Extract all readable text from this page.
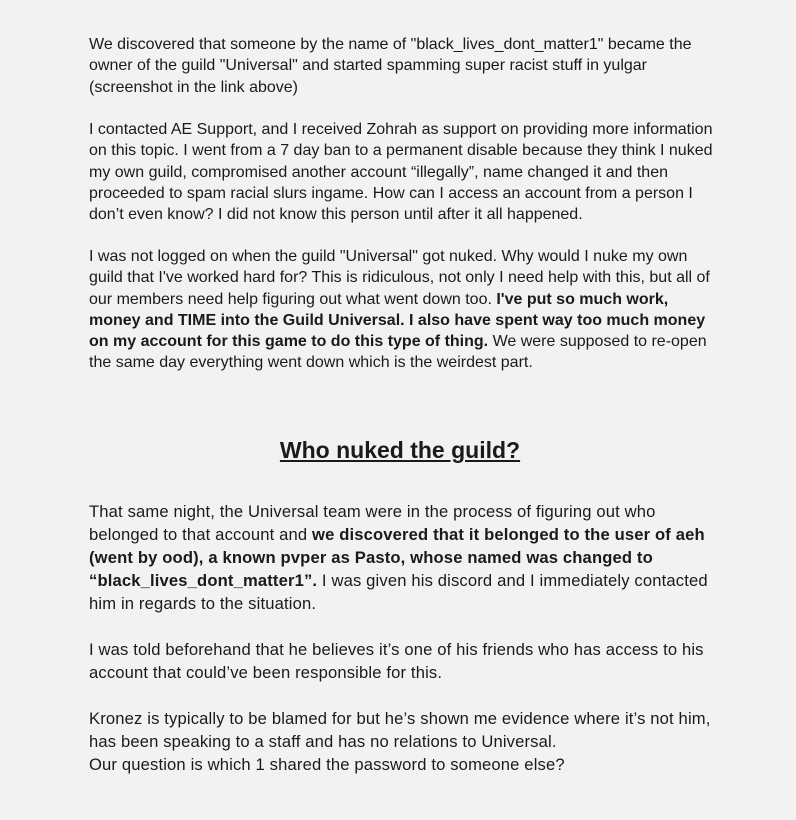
We discovered that someone by the name of "black_lives_dont_matter1" became the owner of the guild "Universal" and started spamming super racist stuff in yulgar (screenshot in the link above)

I contacted AE Support, and I received Zohrah as support on providing more information on this topic. I went from a 7 day ban to a permanent disable because they think I nuked my own guild, compromised another account “illegally”, name changed it and then proceeded to spam racial slurs ingame. How can I access an account from a person I don’t even know? I did not know this person until after it all happened.

I was not logged on when the guild "Universal" got nuked. Why would I nuke my own guild that I've worked hard for? This is ridiculous, not only I need help with this, but all of our members need help figuring out what went down too. I've put so much work, money and TIME into the Guild Universal. I also have spent way too much money on my account for this game to do this type of thing. We were supposed to re-open the same day everything went down which is the weirdest part.

Who nuked the guild?

That same night, the Universal team were in the process of figuring out who belonged to that account and we discovered that it belonged to the user of aeh (went by ood), a known pvper as Pasto, whose named was changed to “black_lives_dont_matter1”. I was given his discord and I immediately contacted him in regards to the situation.

I was told beforehand that he believes it’s one of his friends who has access to his account that could’ve been responsible for this.

Kronez is typically to be blamed for but he’s shown me evidence where it’s not him, has been speaking to a staff and has no relations to Universal.
Our question is which 1 shared the password to someone else?
